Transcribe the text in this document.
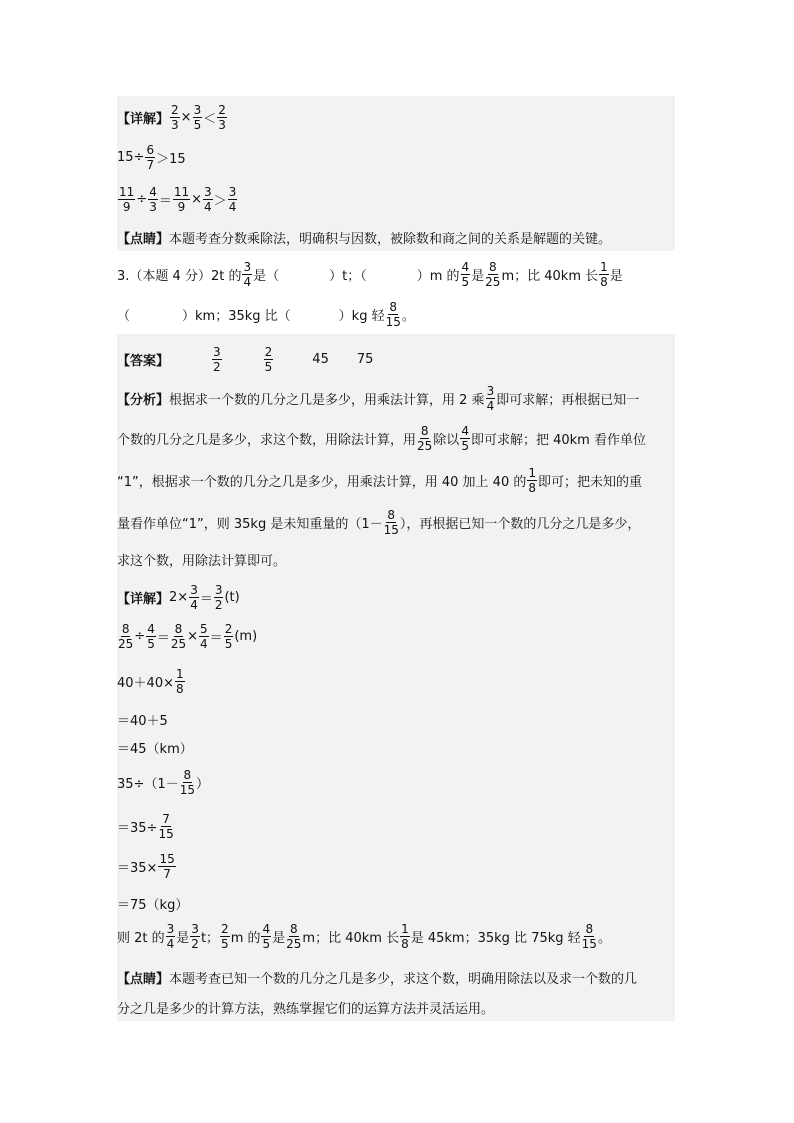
【详解】 $\frac{2}{3} \times \frac{3}{5}$ ＜
2
3
$15\div \frac{6}{7} >15$
$\frac{11}{9} \div \frac{4}{3} = \frac{11}{9} \times \frac{3}{4}$ ＞
3
4
【点睛】 本题考查分数乘除法，明确积与因数，被除数和商之间的关系是解题的关键。
3.（本题 4 分）2t 的
3
4 是（	）t；（	）m 的
4
5 是
8
25 m；比 40km 长
1
8 是
（	）km；35kg 比（	）kg 轻
8
15 。
【答案】
3
2
2
5	45 75
【分析】 根据求一个数的几分之几是多少，用乘法计算，用 2 乘
3
4 即可求解；再根据已知一
个数的几分之几是多少，求这个数，用除法计算，用
8
25 除以
4
5 即可求解；把 40km 看作单位
“1”，根据求一个数的几分之几是多少，用乘法计算，用 40 加上 40 的
1
8 即可；把未知的重
量看作单位“1”，则 35kg 是未知重量的（1－
8
15 ），再根据已知一个数的几分之几是多少，
求这个数，用除法计算即可。
【详解】 $2\times \frac{3}{4}$ ＝
3
2 (t)
$\frac{8}{25} \div \frac{4}{5} = \frac{8}{25} \times \frac{5}{4}$ ＝
2
5 (m)
$40+40\times \frac{1}{8}$
＝40＋5
＝45（km）
35÷（1－
8
15 ）
$=35\div \frac{7}{15}$
$=35\times \frac{15}{7}$
＝75（kg）
则 2t 的
3
4 是
3
2 t；
2
5 m 的
4
5 是
8
25 m；比 40km 长
1
8 是 45km；35kg 比 75kg 轻
8
15 。
【点睛】 本题考查已知一个数的几分之几是多少，求这个数，明确用除法以及求一个数的几
分之几是多少的计算方法，熟练掌握它们的运算方法并灵活运用。
